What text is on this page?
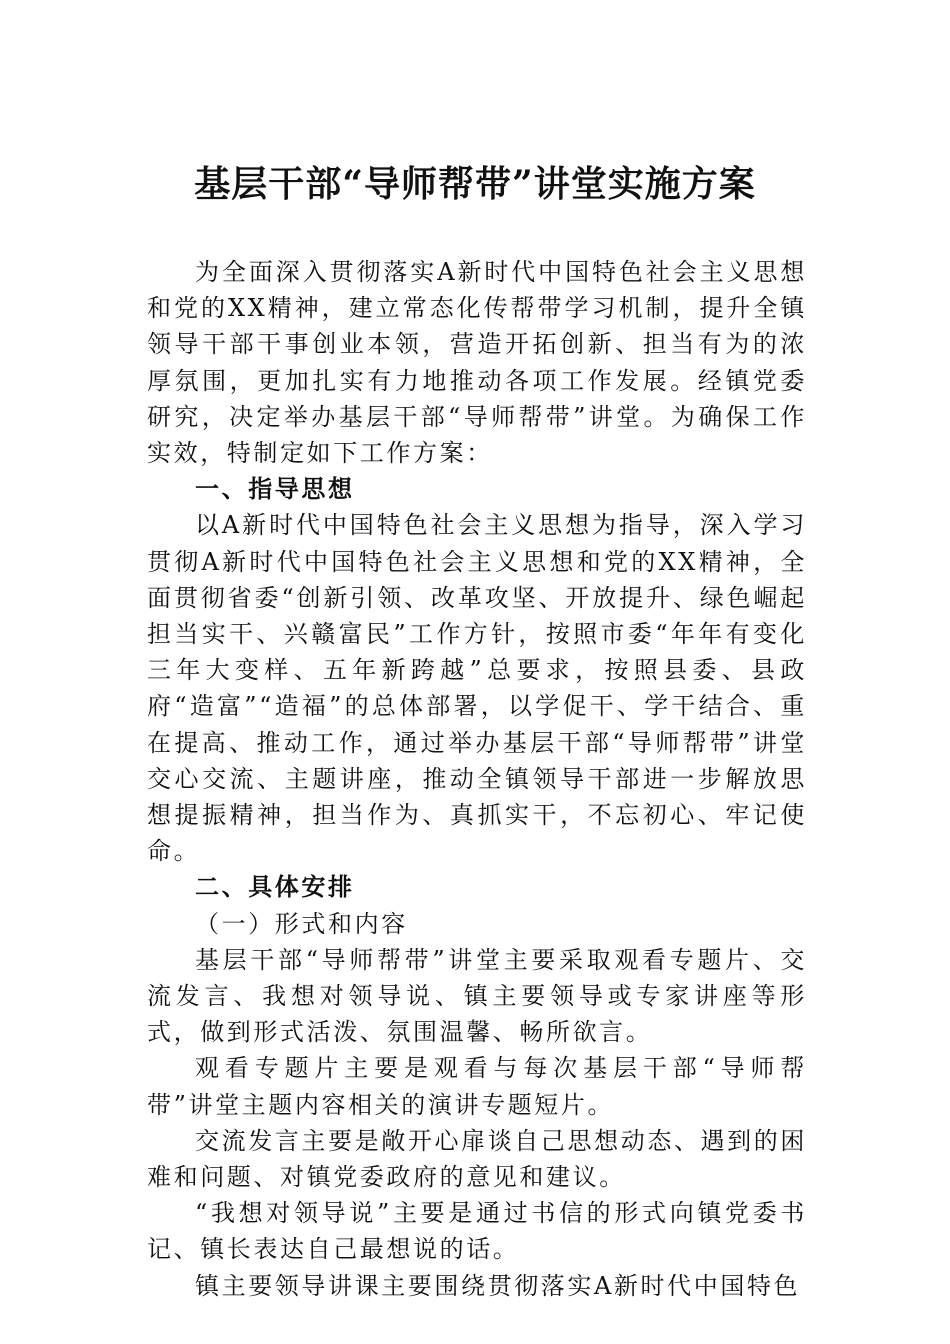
基层干部“导师帮带”讲堂实施方案

为全面深入贯彻落实A新时代中国特色社会主义思想和党的XX精神，建立常态化传帮带学习机制，提升全镇领导干部干事创业本领，营造开拓创新、担当有为的浓厚氛围，更加扎实有力地推动各项工作发展。经镇党委研究，决定举办基层干部“导师帮带”讲堂。为确保工作实效，特制定如下工作方案：

一、指导思想

以A新时代中国特色社会主义思想为指导，深入学习贯彻A新时代中国特色社会主义思想和党的XX精神，全面贯彻省委“创新引领、改革攻坚、开放提升、绿色崛起担当实干、兴赣富民”工作方针，按照市委“年年有变化三年大变样、五年新跨越”总要求，按照县委、县政府“造富”“造福”的总体部署，以学促干、学干结合、重在提高、推动工作，通过举办基层干部“导师帮带”讲堂交心交流、主题讲座，推动全镇领导干部进一步解放思想提振精神，担当作为、真抓实干，不忘初心、牢记使命。

二、具体安排

（一）形式和内容

基层干部“导师帮带”讲堂主要采取观看专题片、交流发言、我想对领导说、镇主要领导或专家讲座等形式，做到形式活泼、氛围温馨、畅所欲言。

观看专题片主要是观看与每次基层干部“导师帮带”讲堂主题内容相关的演讲专题短片。

交流发言主要是敞开心扉谈自己思想动态、遇到的困难和问题、对镇党委政府的意见和建议。

“我想对领导说”主要是通过书信的形式向镇党委书记、镇长表达自己最想说的话。

镇主要领导讲课主要围绕贯彻落实A新时代中国特色
